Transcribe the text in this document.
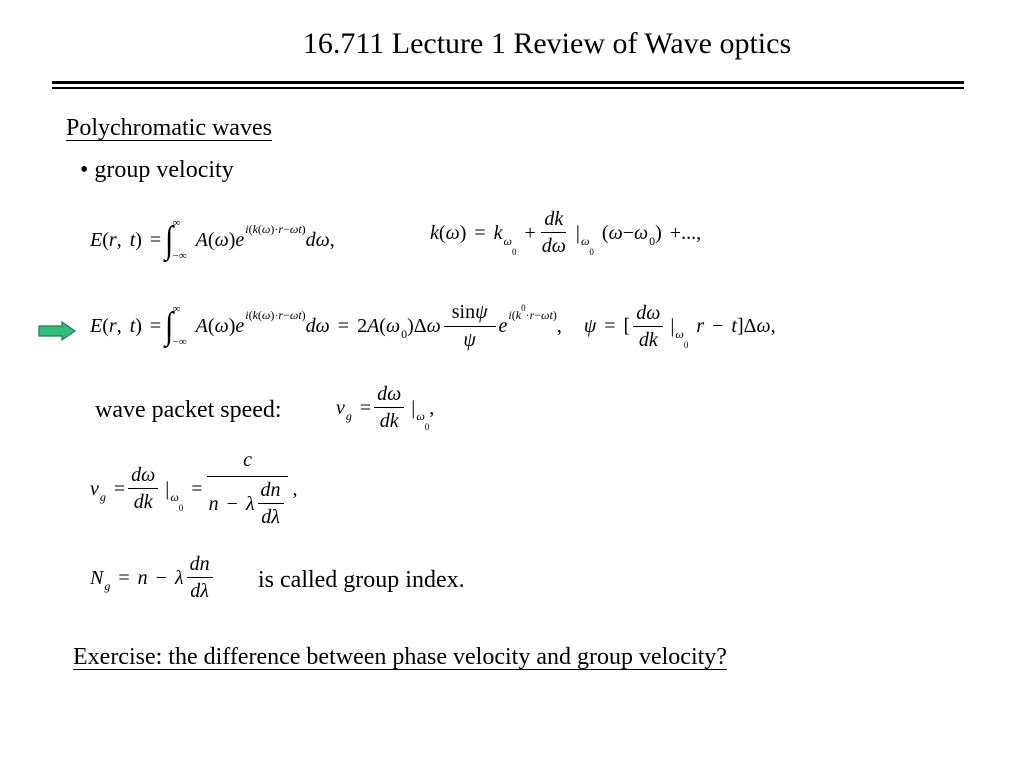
16.711 Lecture 1 Review of Wave optics
Polychromatic waves
• group velocity
E ( r , t ) = ∫ ∞
−∞
A ( ω ) e i(k(ω)·r−ωt) dω ,	k ( ω ) = k $\omega_0$
+ $\frac{dk}{d\omega}$ | $\omega_0$
( ω − ω 0 ) +...,
E ( r , t ) = ∫ ∞
−∞
A ( ω ) e i(k(ω)·r−ωt) dω = 2 A ( ω 0 )Δ ω $\frac{\sin\psi}{\psi}$ e $i(k^0\cdot r-\omega t)$ , ψ = [ $\frac{d\omega}{dk}$ | $\omega_0$
r − t ]Δ ω ,
wave packet speed:	v $g = \frac{d\omega}{dk}$ | $\omega_0$
,
v $g = \frac{d\omega}{dk}$ | $\omega_0$
= $\frac{c}{n - \lambda \frac{dn}{d\lambda}}$ ,
N g = n − λ $\frac{dn}{d\lambda}$ is called group index.
Exercise: the difference between phase velocity and group velocity?
